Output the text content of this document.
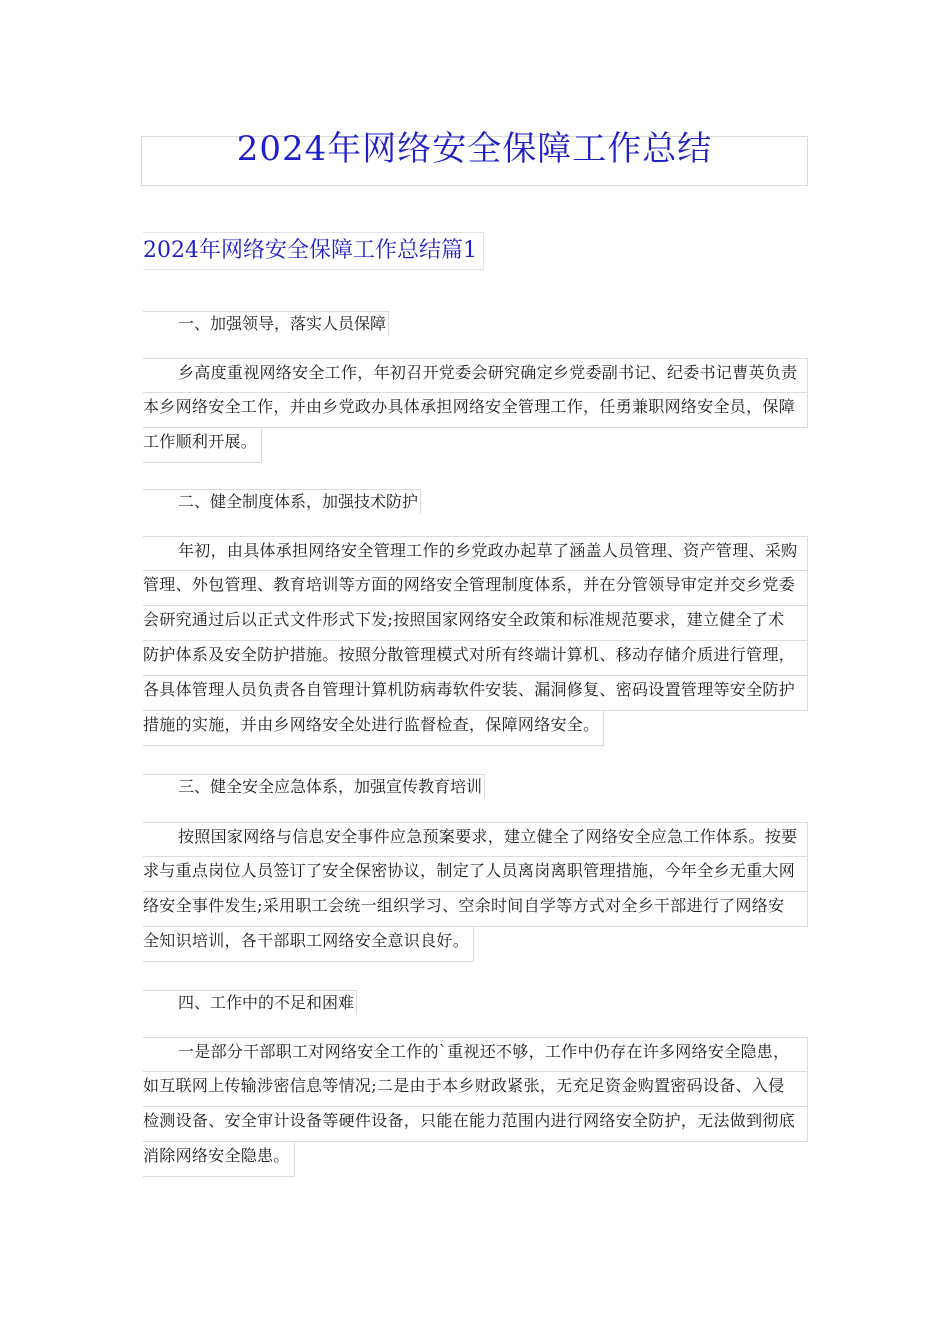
2024年网络安全保障工作总结
2024年网络安全保障工作总结篇1
一、加强领导，落实人员保障
乡高度重视网络安全工作，年初召开党委会研究确定乡党委副书记、纪委书记曹英负责
本乡网络安全工作，并由乡党政办具体承担网络安全管理工作，任勇兼职网络安全员，保障
工作顺利开展。
二、健全制度体系，加强技术防护
年初，由具体承担网络安全管理工作的乡党政办起草了涵盖人员管理、资产管理、采购
管理、外包管理、教育培训等方面的网络安全管理制度体系，并在分管领导审定并交乡党委
会研究通过后以正式文件形式下发;按照国家网络安全政策和标准规范要求，建立健全了术
防护体系及安全防护措施。按照分散管理模式对所有终端计算机、移动存储介质进行管理，
各具体管理人员负责各自管理计算机防病毒软件安装、漏洞修复、密码设置管理等安全防护
措施的实施，并由乡网络安全处进行监督检查，保障网络安全。
三、健全安全应急体系，加强宣传教育培训
按照国家网络与信息安全事件应急预案要求，建立健全了网络安全应急工作体系。按要
求与重点岗位人员签订了安全保密协议，制定了人员离岗离职管理措施，今年全乡无重大网
络安全事件发生;采用职工会统一组织学习、空余时间自学等方式对全乡干部进行了网络安
全知识培训，各干部职工网络安全意识良好。
四、工作中的不足和困难
一是部分干部职工对网络安全工作的`重视还不够，工作中仍存在许多网络安全隐患，
如互联网上传输涉密信息等情况;二是由于本乡财政紧张，无充足资金购置密码设备、入侵
检测设备、安全审计设备等硬件设备，只能在能力范围内进行网络安全防护，无法做到彻底
消除网络安全隐患。
